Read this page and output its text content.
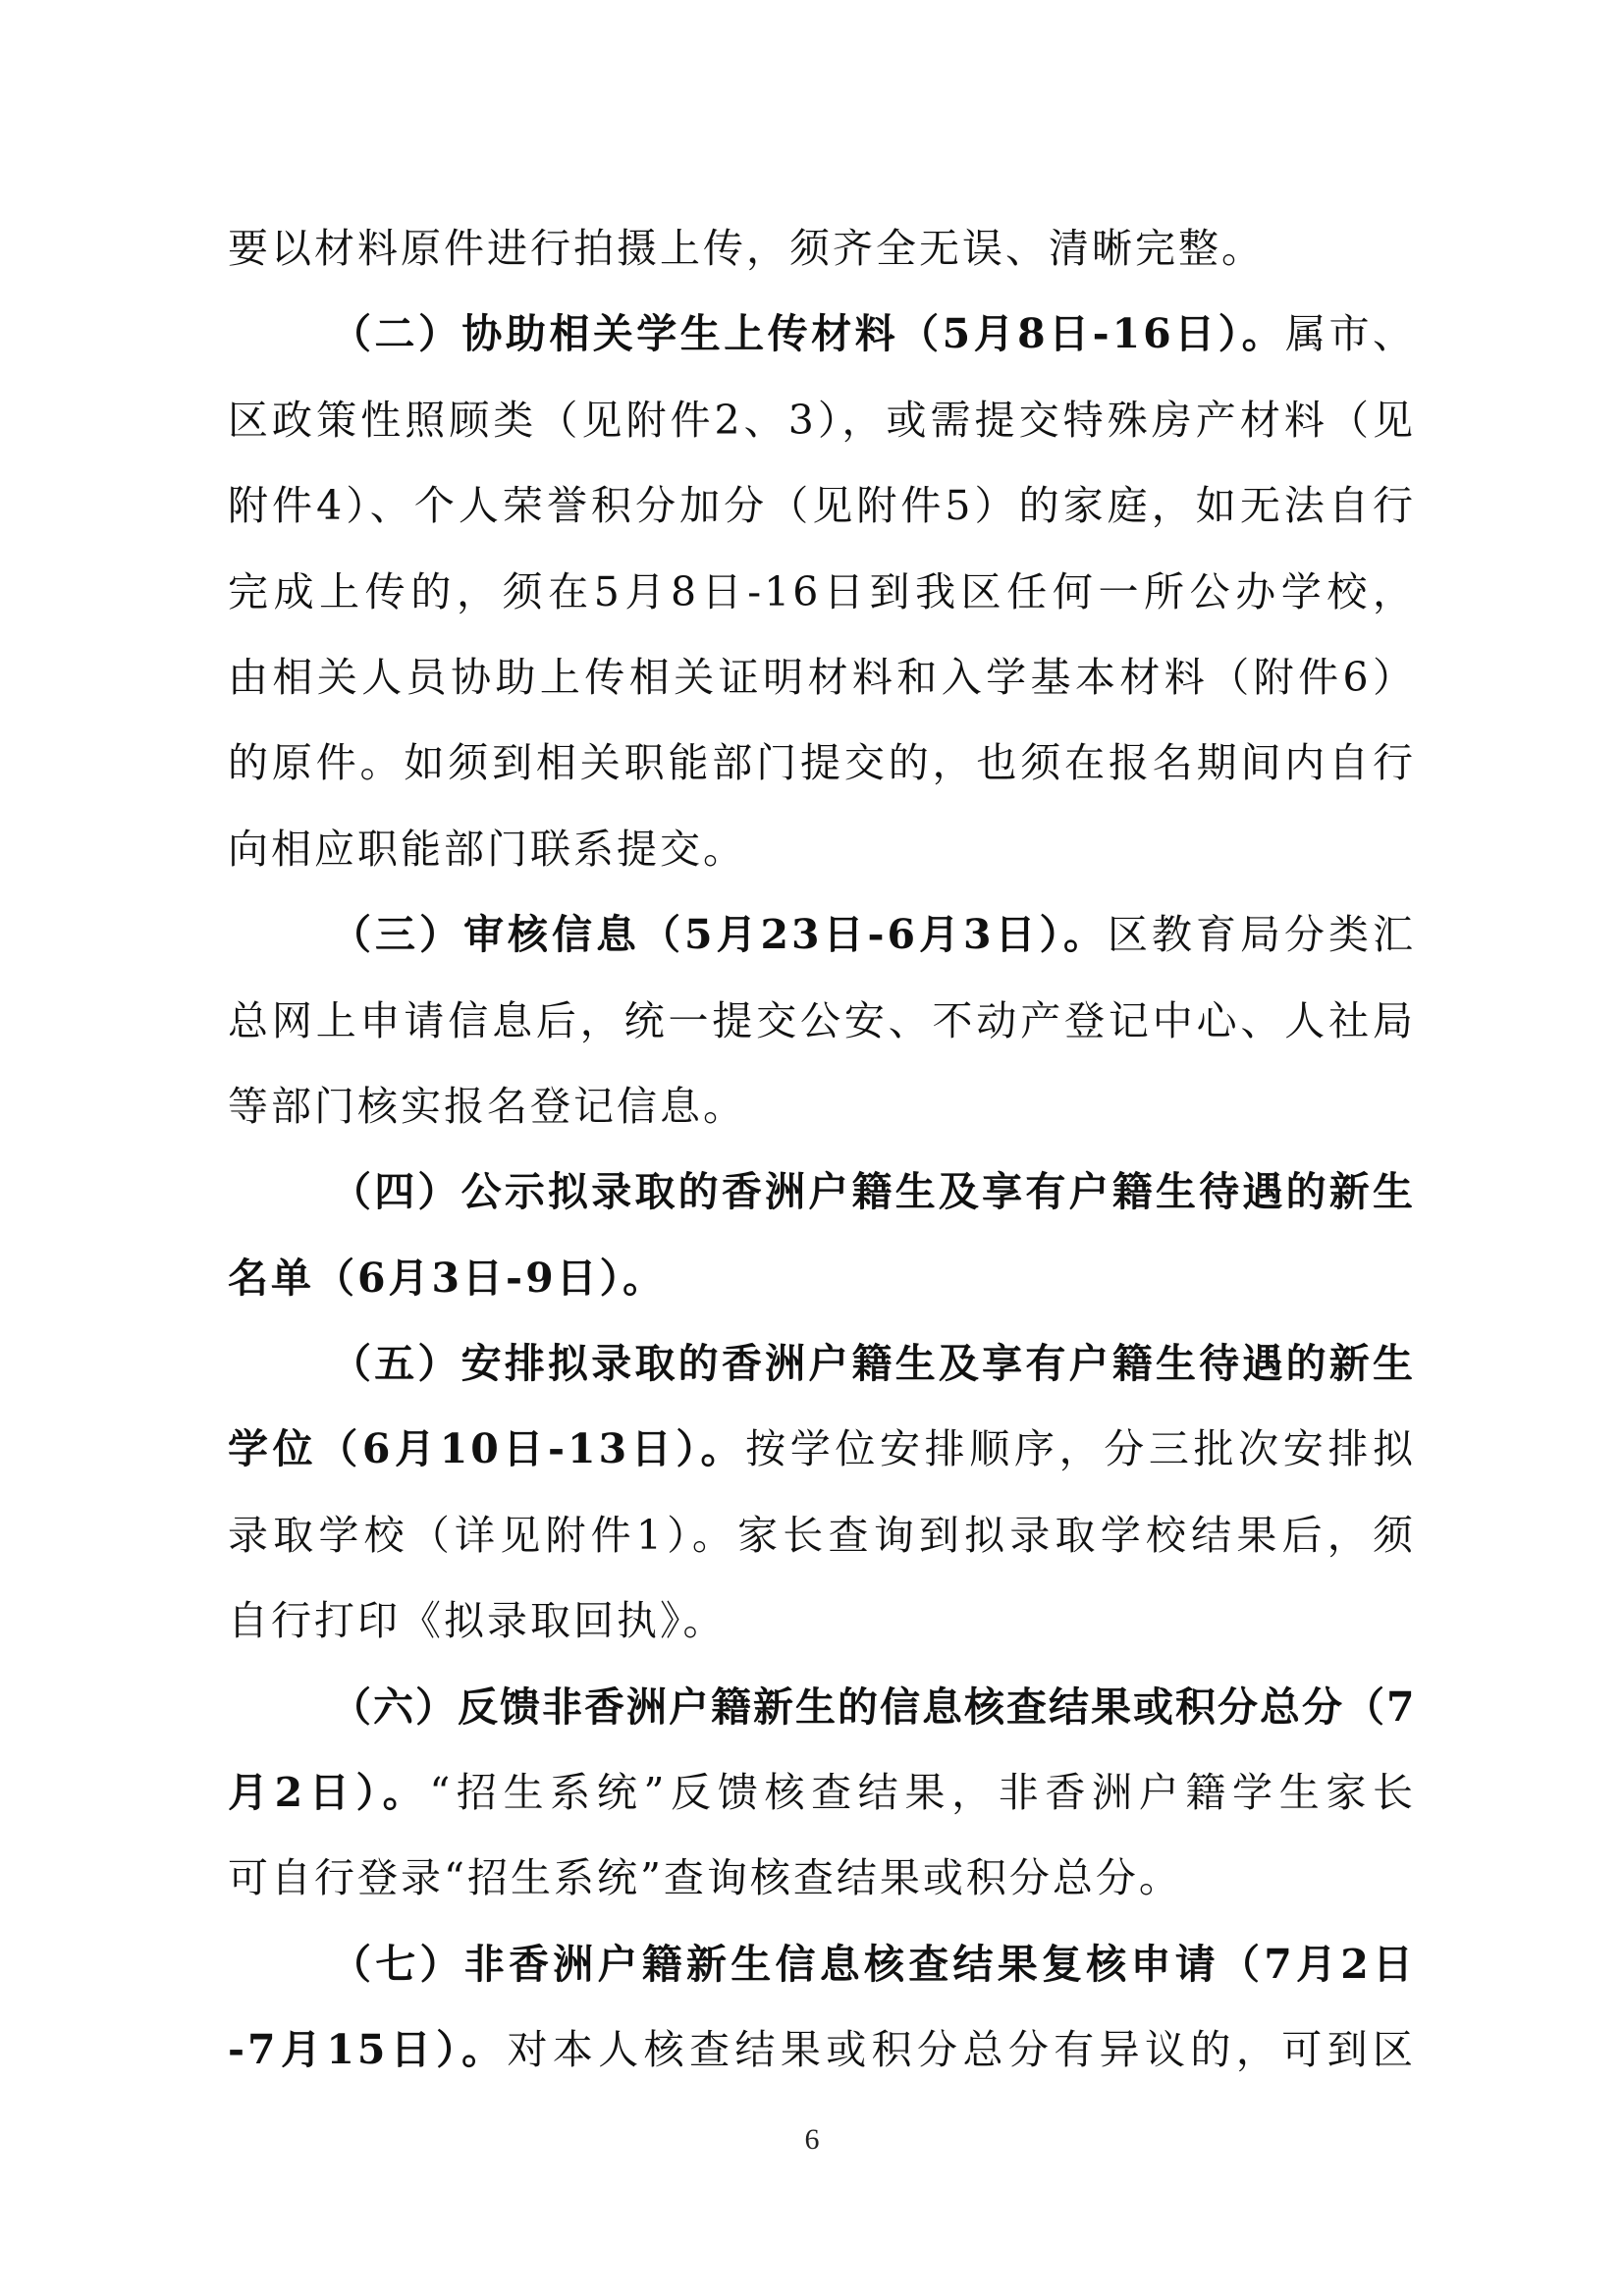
要以材料原件进行拍摄上传，须齐全无误、清晰完整。
（二）协助相关学生上传材料（5月8日-16日）。属市、
区政策性照顾类（见附件2、3），或需提交特殊房产材料（见
附件4）、个人荣誉积分加分（见附件5）的家庭，如无法自行
完成上传的，须在5月8日-16日到我区任何一所公办学校，
由相关人员协助上传相关证明材料和入学基本材料（附件6）
的原件。如须到相关职能部门提交的，也须在报名期间内自行
向相应职能部门联系提交。
（三）审核信息（5月23日-6月3日）。区教育局分类汇
总网上申请信息后，统一提交公安、不动产登记中心、人社局
等部门核实报名登记信息。
（四）公示拟录取的香洲户籍生及享有户籍生待遇的新生
名单（6月3日-9日）。
（五）安排拟录取的香洲户籍生及享有户籍生待遇的新生
学位（6月10日-13日）。按学位安排顺序，分三批次安排拟
录取学校（详见附件1）。家长查询到拟录取学校结果后，须
自行打印《拟录取回执》。
（六）反馈非香洲户籍新生的信息核查结果或积分总分（7
月2日）。“招生系统”反馈核查结果，非香洲户籍学生家长
可自行登录“招生系统”查询核查结果或积分总分。
（七）非香洲户籍新生信息核查结果复核申请（7月2日
-7月15日）。对本人核查结果或积分总分有异议的，可到区
6
